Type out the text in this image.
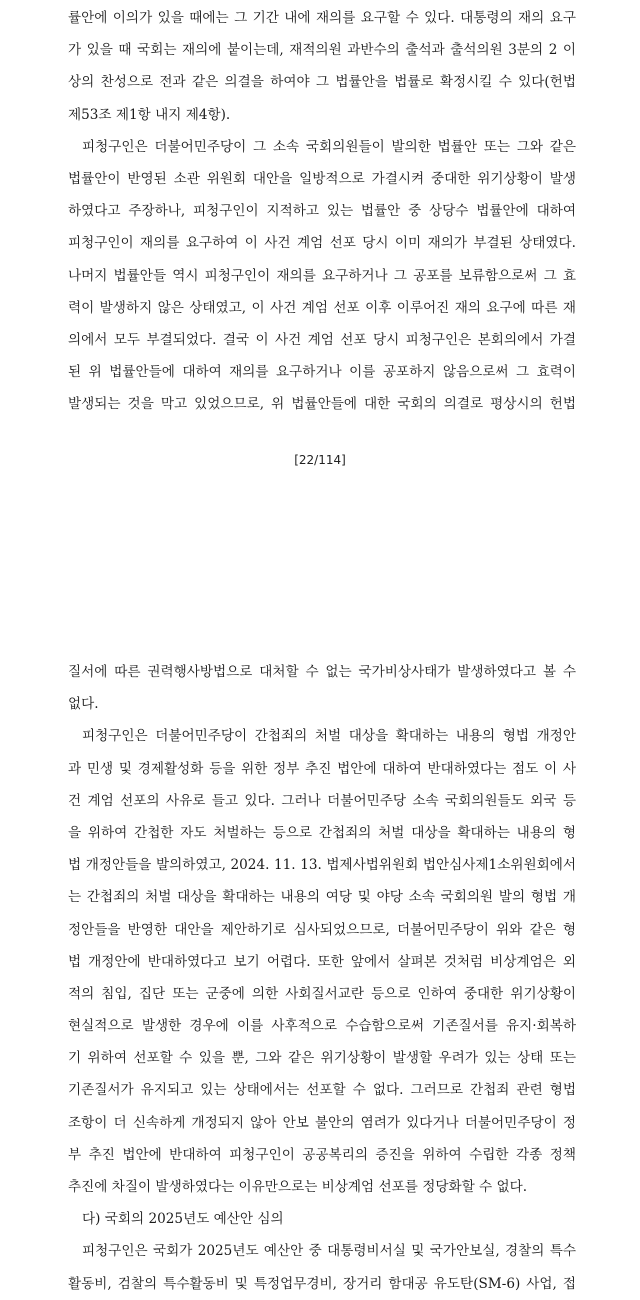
률안에 이의가 있을 때에는 그 기간 내에 재의를 요구할 수 있다. 대통령의 재의 요구
가 있을 때 국회는 재의에 붙이는데, 재적의원 과반수의 출석과 출석의원 3분의 2 이
상의 찬성으로 전과 같은 의결을 하여야 그 법률안을 법률로 확정시킬 수 있다(헌법
제53조 제1항 내지 제4항).
피청구인은 더불어민주당이 그 소속 국회의원들이 발의한 법률안 또는 그와 같은
법률안이 반영된 소관 위원회 대안을 일방적으로 가결시켜 중대한 위기상황이 발생
하였다고 주장하나, 피청구인이 지적하고 있는 법률안 중 상당수 법률안에 대하여
피청구인이 재의를 요구하여 이 사건 계엄 선포 당시 이미 재의가 부결된 상태였다.
나머지 법률안들 역시 피청구인이 재의를 요구하거나 그 공포를 보류함으로써 그 효
력이 발생하지 않은 상태였고, 이 사건 계엄 선포 이후 이루어진 재의 요구에 따른 재
의에서 모두 부결되었다. 결국 이 사건 계엄 선포 당시 피청구인은 본회의에서 가결
된 위 법률안들에 대하여 재의를 요구하거나 이를 공포하지 않음으로써 그 효력이
발생되는 것을 막고 있었으므로, 위 법률안들에 대한 국회의 의결로 평상시의 헌법
[22/114]
질서에 따른 권력행사방법으로 대처할 수 없는 국가비상사태가 발생하였다고 볼 수
없다.
피청구인은 더불어민주당이 간첩죄의 처벌 대상을 확대하는 내용의 형법 개정안
과 민생 및 경제활성화 등을 위한 정부 추진 법안에 대하여 반대하였다는 점도 이 사
건 계엄 선포의 사유로 들고 있다. 그러나 더불어민주당 소속 국회의원들도 외국 등
을 위하여 간첩한 자도 처벌하는 등으로 간첩죄의 처벌 대상을 확대하는 내용의 형
법 개정안들을 발의하였고, 2024. 11. 13. 법제사법위원회 법안심사제1소위원회에서
는 간첩죄의 처벌 대상을 확대하는 내용의 여당 및 야당 소속 국회의원 발의 형법 개
정안들을 반영한 대안을 제안하기로 심사되었으므로, 더불어민주당이 위와 같은 형
법 개정안에 반대하였다고 보기 어렵다. 또한 앞에서 살펴본 것처럼 비상계엄은 외
적의 침입, 집단 또는 군중에 의한 사회질서교란 등으로 인하여 중대한 위기상황이
현실적으로 발생한 경우에 이를 사후적으로 수습함으로써 기존질서를 유지·회복하
기 위하여 선포할 수 있을 뿐, 그와 같은 위기상황이 발생할 우려가 있는 상태 또는
기존질서가 유지되고 있는 상태에서는 선포할 수 없다. 그러므로 간첩죄 관련 형법
조항이 더 신속하게 개정되지 않아 안보 불안의 염려가 있다거나 더불어민주당이 정
부 추진 법안에 반대하여 피청구인이 공공복리의 증진을 위하여 수립한 각종 정책
추진에 차질이 발생하였다는 이유만으로는 비상계엄 선포를 정당화할 수 없다.
다) 국회의 2025년도 예산안 심의
피청구인은 국회가 2025년도 예산안 중 대통령비서실 및 국가안보실, 경찰의 특수
활동비, 검찰의 특수활동비 및 특정업무경비, 장거리 함대공 유도탄(SM-6) 사업, 접
